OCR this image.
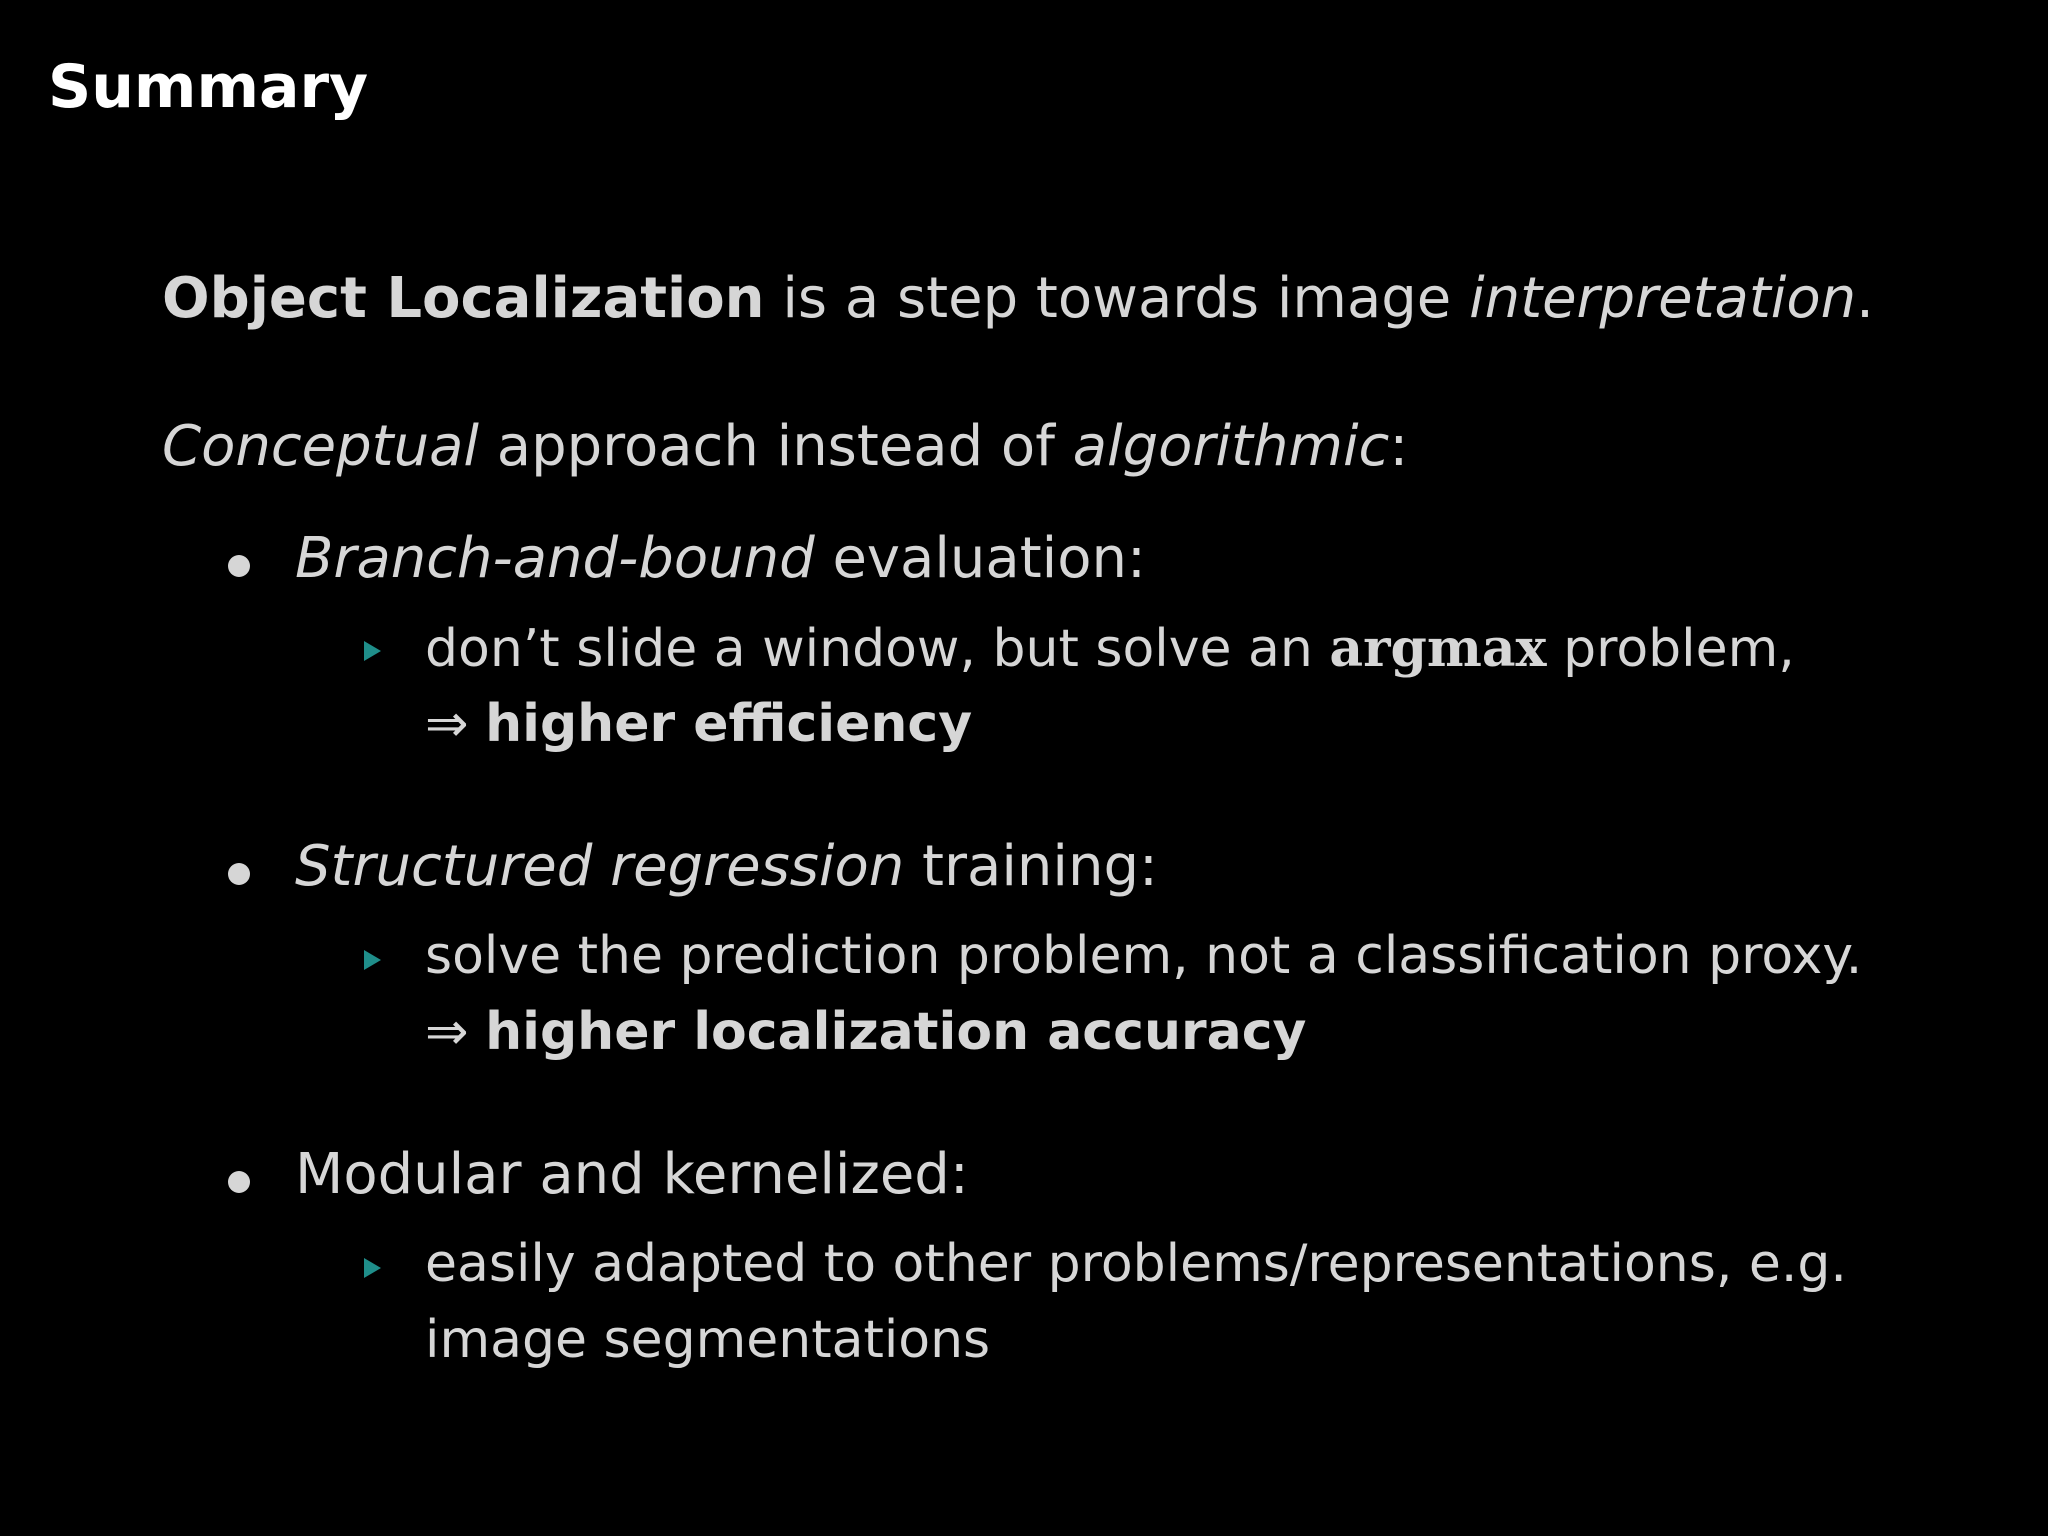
Summary
Object Localization is a step towards image interpretation.
Conceptual approach instead of algorithmic:
Branch-and-bound evaluation:
don’t slide a window, but solve an argmax problem,
⇒ higher efficiency
Structured regression training:
solve the prediction problem, not a classification proxy.
⇒ higher localization accuracy
Modular and kernelized:
easily adapted to other problems/representations, e.g.
image segmentations
